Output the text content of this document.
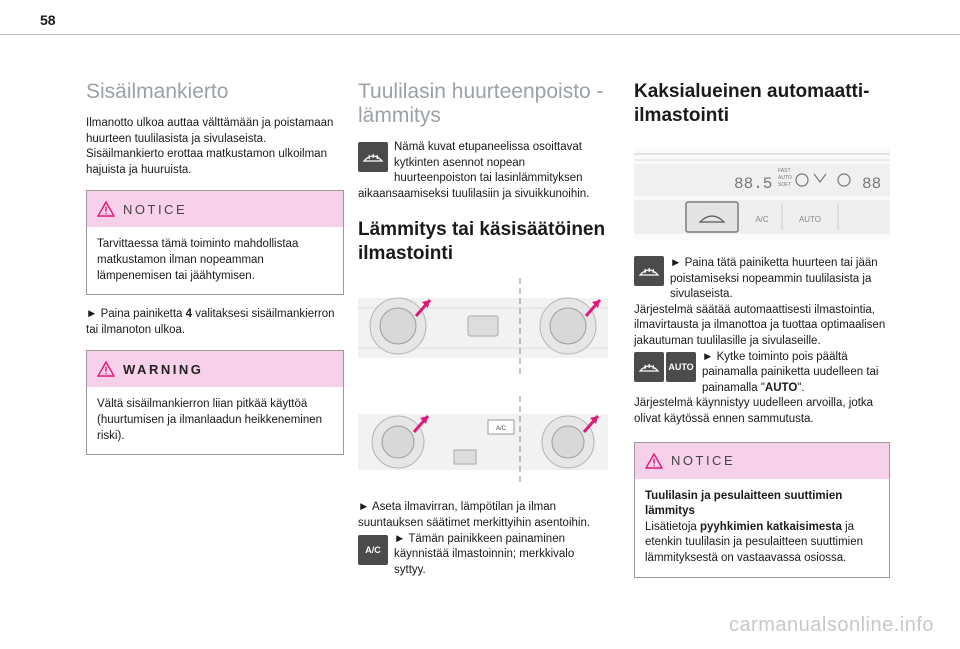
58
Sisäilmankierto

Ilmanotto ulkoa auttaa välttämään ja poistamaan huurteen tuulilasista ja sivulaseista.

Sisäilmankierto erottaa matkustamon ulkoilman hajuista ja huuruista.

NOTICE
Tarvittaessa tämä toiminto mahdollistaa matkustamon ilman nopeamman lämpenemisen tai jäähtymisen.

► Paina painiketta 4 valitaksesi sisäilmankierron tai ilmanoton ulkoa.

WARNING
Vältä sisäilmankierron liian pitkää käyttöä (huurtumisen ja ilmanlaadun heikkeneminen riski).
Tuulilasin huurteenpoisto - lämmitys

Nämä kuvat etupaneelissa osoittavat kytkinten asennot nopean huurteenpoiston tai lasinlämmityksen aikaansaamiseksi tuulilasiin ja sivuikkunoihin.

Lämmitys tai käsisäätöinen ilmastointi
A/C

► Aseta ilmavirran, lämpötilan ja ilman suuntauksen säätimet merkittyihin asentoihin.

A/C

► Tämän painikkeen painaminen käynnistää ilmastoinnin; merkkivalo syttyy.

Kaksialueinen automaatti-ilmastointi
88.5
FAST
AUTO
SOFT	88
A/C	AUTO

► Paina tätä painiketta huurteen tai jään poistamiseksi nopeammin tuulilasista ja sivulaseista.

Järjestelmä säätää automaattisesti ilmastointia, ilmavirtausta ja ilmanottoa ja tuottaa optimaalisen jakautuman tuulilasille ja sivulaseille.

AUTO

► Kytke toiminto pois päältä painamalla painiketta uudelleen tai painamalla "AUTO".

Järjestelmä käynnistyy uudelleen arvoilla, jotka olivat käytössä ennen sammutusta.

NOTICE
Tuulilasin ja pesulaitteen suuttimien lämmitys
Lisätietoja pyyhkimien katkaisimesta ja etenkin tuulilasin ja pesulaitteen suuttimien lämmityksestä on vastaavassa osiossa.
carmanualsonline.info
